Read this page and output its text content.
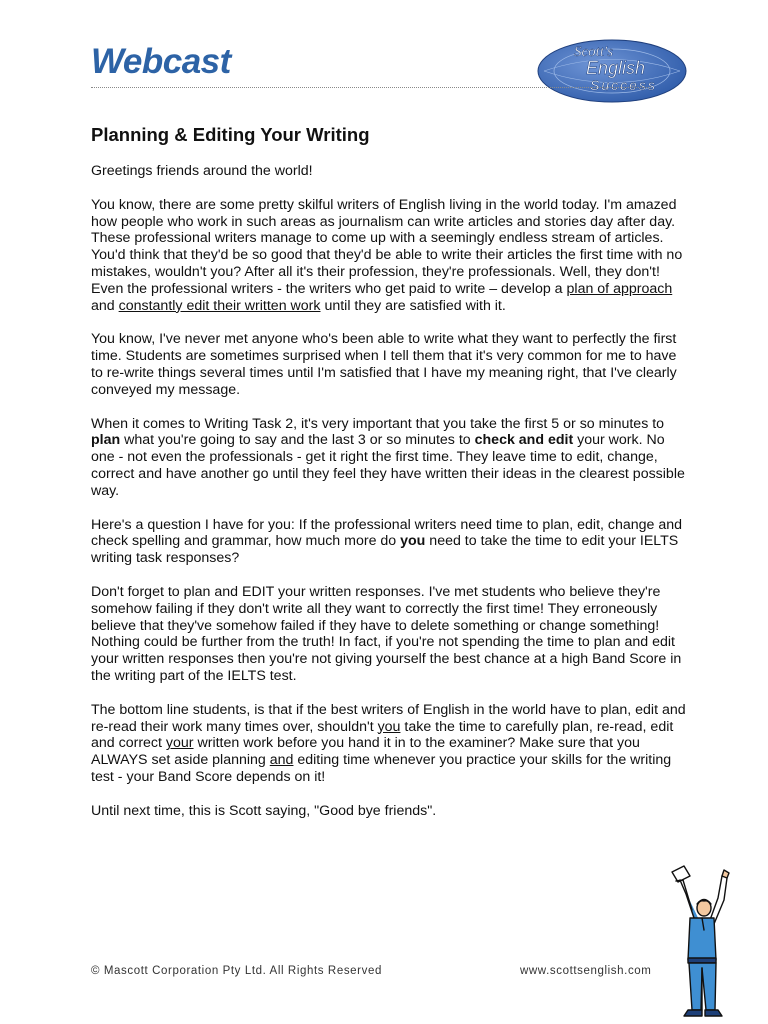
Webcast	Scott's
English
Success
Planning & Editing Your Writing

Greetings friends around the world!

You know, there are some pretty skilful writers of English living in the world today. I'm amazed how people who work in such areas as journalism can write articles and stories day after day. These professional writers manage to come up with a seemingly endless stream of articles. You'd think that they'd be so good that they'd be able to write their articles the first time with no mistakes, wouldn't you? After all it's their profession, they're professionals. Well, they don't! Even the professional writers - the writers who get paid to write – develop a plan of approach and constantly edit their written work until they are satisfied with it.

You know, I've never met anyone who's been able to write what they want to perfectly the first time. Students are sometimes surprised when I tell them that it's very common for me to have to re-write things several times until I'm satisfied that I have my meaning right, that I've clearly conveyed my message.

When it comes to Writing Task 2, it's very important that you take the first 5 or so minutes to plan what you're going to say and the last 3 or so minutes to check and edit your work. No one - not even the professionals - get it right the first time. They leave time to edit, change, correct and have another go until they feel they have written their ideas in the clearest possible way.

Here's a question I have for you: If the professional writers need time to plan, edit, change and check spelling and grammar, how much more do you need to take the time to edit your IELTS writing task responses?

Don't forget to plan and EDIT your written responses. I've met students who believe they're somehow failing if they don't write all they want to correctly the first time! They erroneously believe that they've somehow failed if they have to delete something or change something! Nothing could be further from the truth! In fact, if you're not spending the time to plan and edit your written responses then you're not giving yourself the best chance at a high Band Score in the writing part of the IELTS test.

The bottom line students, is that if the best writers of English in the world have to plan, edit and re-read their work many times over, shouldn't you take the time to carefully plan, re-read, edit and correct your written work before you hand it in to the examiner? Make sure that you ALWAYS set aside planning and editing time whenever you practice your skills for the writing test - your Band Score depends on it!

Until next time, this is Scott saying, "Good bye friends".

© Mascott Corporation Pty Ltd. All Rights Reserved	www.scottsenglish.com
